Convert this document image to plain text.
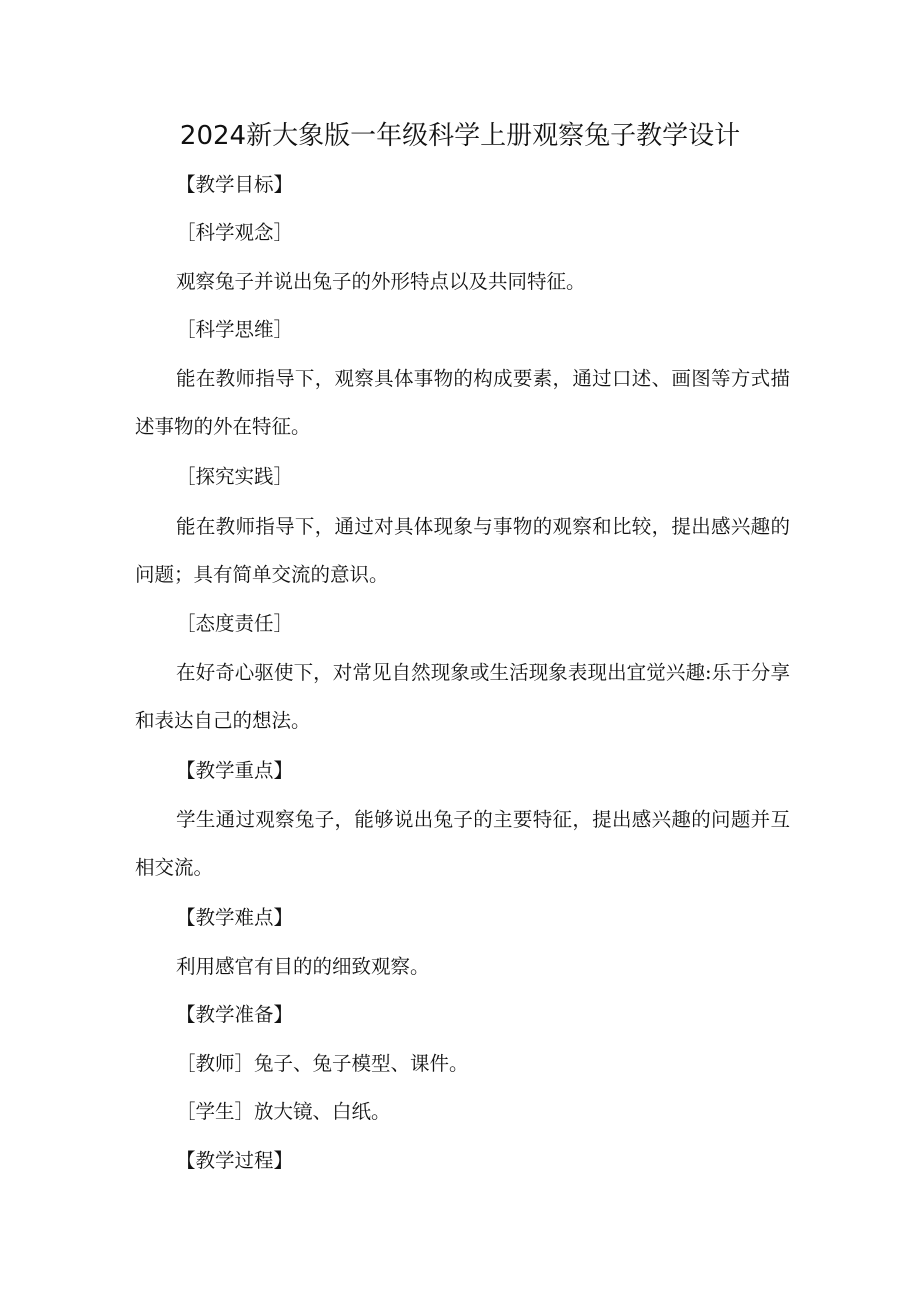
2024新大象版一年级科学上册观察兔子教学设计
【教学目标】
［科学观念］
观察兔子并说出兔子的外形特点以及共同特征。
［科学思维］
能在教师指导下，观察具体事物的构成要素，通过口述、画图等方式描述事物的外在特征。
［探究实践］
能在教师指导下，通过对具体现象与事物的观察和比较，提出感兴趣的问题；具有简单交流的意识。
［态度责任］
在好奇心驱使下，对常见自然现象或生活现象表现出宜觉兴趣:乐于分享和表达自己的想法。
【教学重点】
学生通过观察兔子，能够说出兔子的主要特征，提出感兴趣的问题并互相交流。
【教学难点】
利用感官有目的的细致观察。
【教学准备】
［教师］兔子、兔子模型、课件。
［学生］放大镜、白纸。
【教学过程】
